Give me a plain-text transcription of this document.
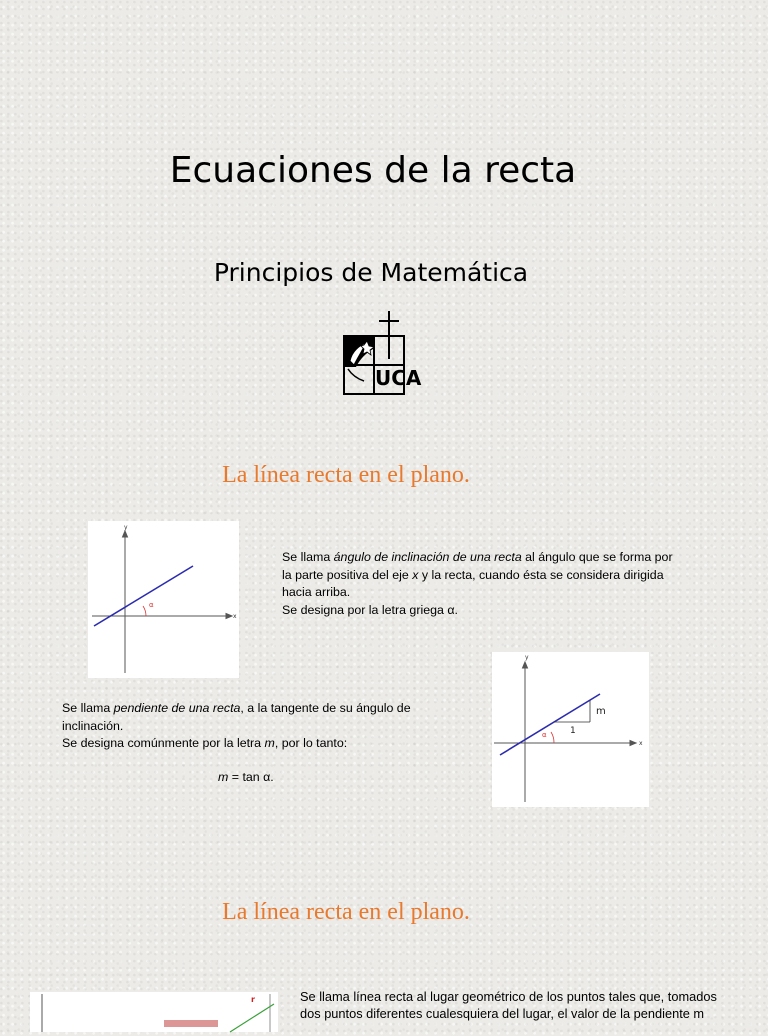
Ecuaciones de la recta
Principios de Matemática
UCA
La línea recta en el plano.
y
x
α
Se llama ángulo de inclinación de una recta al ángulo que se forma por
la parte positiva del eje x y la recta, cuando ésta se considera dirigida
hacia arriba.
Se designa por la letra griega α.
y
x
α
m
1
Se llama pendiente de una recta, a la tangente de su ángulo de
inclinación.
Se designa comúnmente por la letra m, por lo tanto:
m = tan α.
La línea recta en el plano.
r	Se llama línea recta al lugar geométrico de los puntos tales que, tomados
dos puntos diferentes cualesquiera del lugar, el valor de la pendiente m
